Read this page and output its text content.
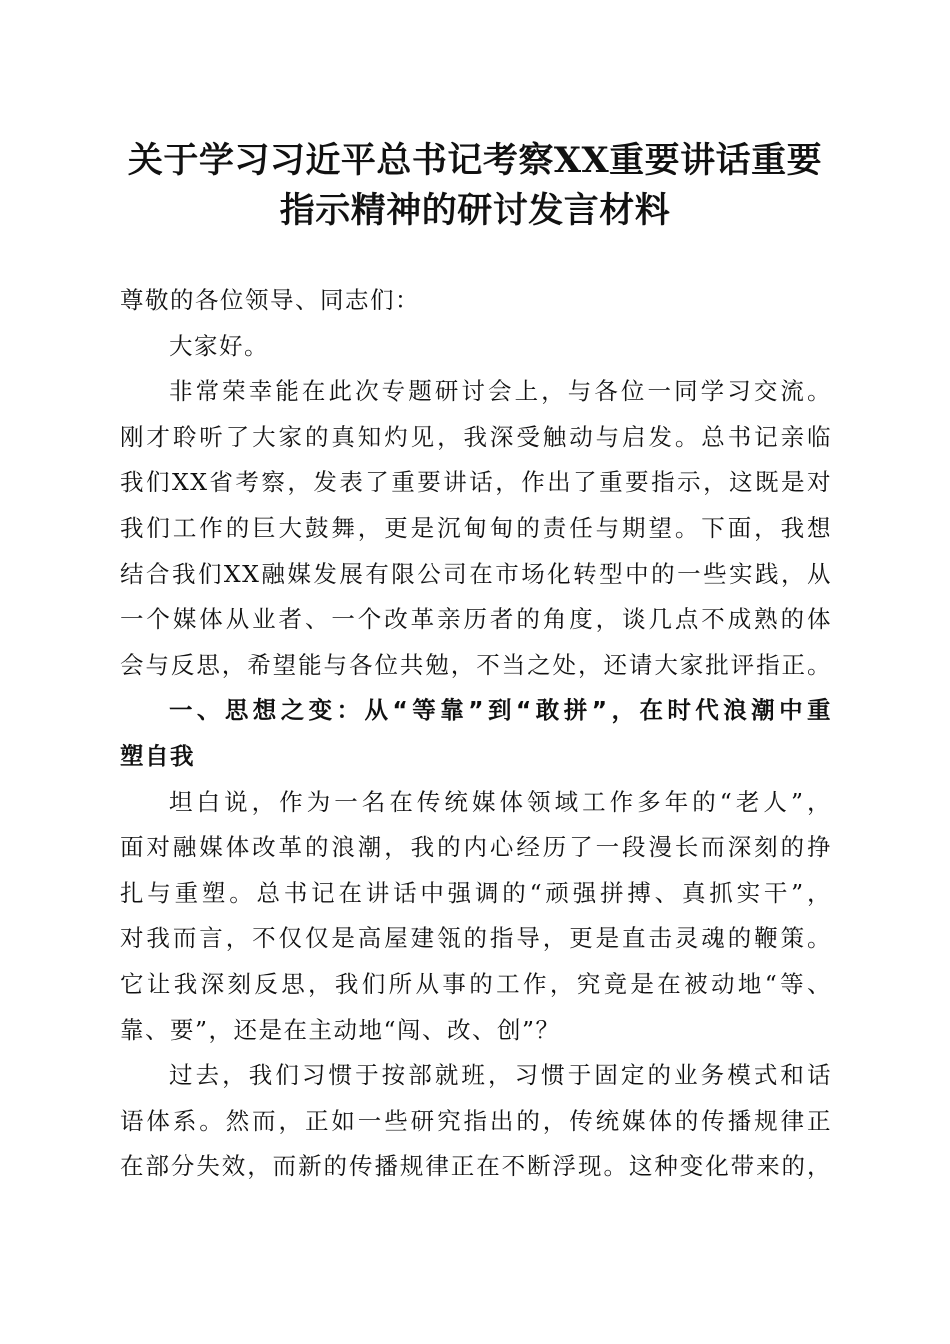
关于学习习近平总书记考察XX重要讲话重要
指示精神的研讨发言材料
尊敬的各位领导、同志们：
大家好。
非常荣幸能在此次专题研讨会上，与各位一同学习交流。
刚才聆听了大家的真知灼见，我深受触动与启发。总书记亲临
我们XX省考察，发表了重要讲话，作出了重要指示，这既是对
我们工作的巨大鼓舞，更是沉甸甸的责任与期望。下面，我想
结合我们XX融媒发展有限公司在市场化转型中的一些实践，从
一个媒体从业者、一个改革亲历者的角度，谈几点不成熟的体
会与反思，希望能与各位共勉，不当之处，还请大家批评指正。
一、思想之变：从“等靠”到“敢拼”，在时代浪潮中重
塑自我
坦白说，作为一名在传统媒体领域工作多年的“老人”，
面对融媒体改革的浪潮，我的内心经历了一段漫长而深刻的挣
扎与重塑。总书记在讲话中强调的“顽强拼搏、真抓实干”，
对我而言，不仅仅是高屋建瓴的指导，更是直击灵魂的鞭策。
它让我深刻反思，我们所从事的工作，究竟是在被动地“等、
靠、要”，还是在主动地“闯、改、创”？
过去，我们习惯于按部就班，习惯于固定的业务模式和话
语体系。然而，正如一些研究指出的，传统媒体的传播规律正
在部分失效，而新的传播规律正在不断浮现。这种变化带来的，
